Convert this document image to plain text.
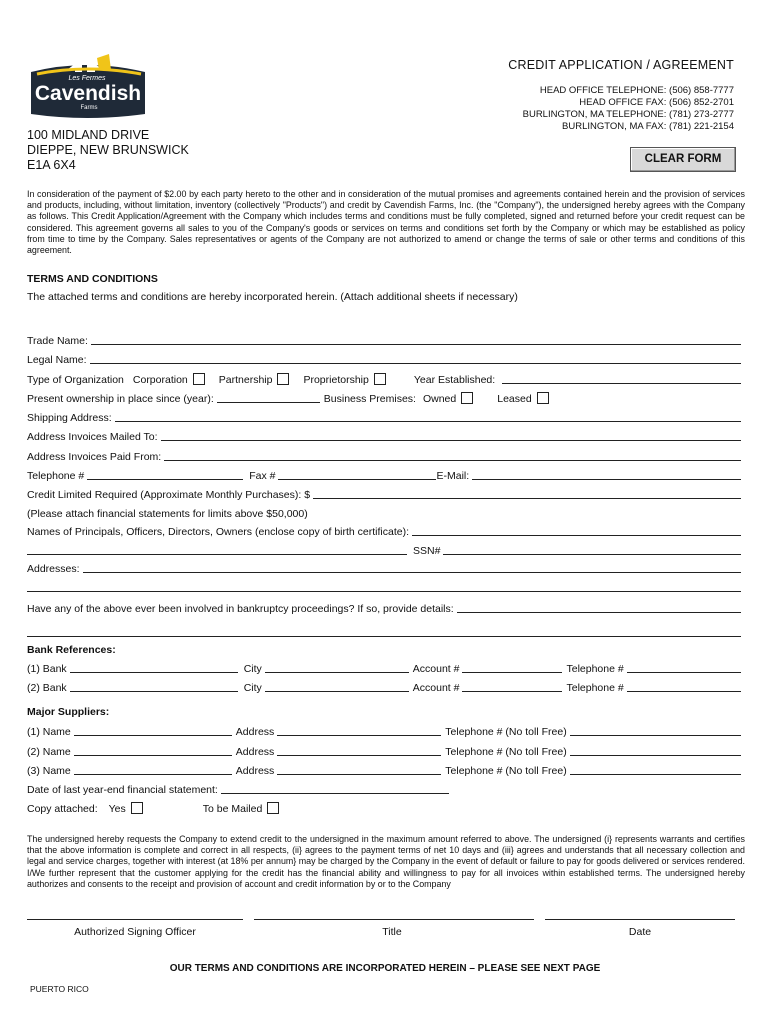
Les Fermes
Cavendish
Farms
100 MIDLAND DRIVE
DIEPPE, NEW BRUNSWICK
E1A 6X4
CREDIT APPLICATION / AGREEMENT
HEAD OFFICE TELEPHONE: (506) 858-7777
HEAD OFFICE FAX: (506) 852-2701
BURLINGTON, MA TELEPHONE: (781) 273-2777
BURLINGTON, MA FAX: (781) 221-2154
CLEAR FORM
In consideration of the payment of $2.00 by each party hereto to the other and in consideration of the mutual promises and agreements contained herein and the provision of services and products, including, without limitation, inventory (collectively "Products") and credit by Cavendish Farms, Inc. (the "Company"), the undersigned hereby agrees with the Company as follows. This Credit Application/Agreement with the Company which includes terms and conditions must be fully completed, signed and returned before your credit request can be considered. This agreement governs all sales to you of the Company's goods or services on terms and conditions set forth by the Company or which may be established as policy from time to time by the Company. Sales representatives or agents of the Company are not authorized to amend or change the terms of sale or other terms and conditions of this agreement.
TERMS AND CONDITIONS
The attached terms and conditions are hereby incorporated herein. (Attach additional sheets if necessary)
Trade Name:
Legal Name:
Type of Organization Corporation	Partnership	Proprietorship	Year Established:
Present ownership in place since (year):	Business Premises: Owned	Leased
Shipping Address:
Address Invoices Mailed To:
Address Invoices Paid From:
Telephone #	Fax #	E-Mail:
Credit Limited Required (Approximate Monthly Purchases): $
(Please attach financial statements for limits above $50,000)
Names of Principals, Officers, Directors, Owners (enclose copy of birth certificate):
SSN#
Addresses:
Have any of the above ever been involved in bankruptcy proceedings? If so, provide details:
Bank References:
(1) Bank	City	Account #	Telephone #
(2) Bank	City	Account #	Telephone #
Major Suppliers:
(1) Name	Address	Telephone # (No toll Free)
(2) Name	Address	Telephone # (No toll Free)
(3) Name	Address	Telephone # (No toll Free)
Date of last year-end financial statement:
Copy attached: Yes	To be Mailed
The undersigned hereby requests the Company to extend credit to the undersigned in the maximum amount referred to above. The undersigned (i} represents warrants and certifies that the above information is complete and correct in all respects, (ii} agrees to the payment terms of net 10 days and (iii} agrees and understands that all necessary collection and legal and service charges, together with interest (at 18% per annum} may be charged by the Company in the event of default or failure to pay for goods delivered or services rendered. I/We further represent that the customer applying for the credit has the financial ability and willingness to pay for all invoices within established terms. The undersigned hereby authorizes and consents to the receipt and provision of account and credit information by or to the Company
Authorized Signing Officer	Title	Date
OUR TERMS AND CONDITIONS ARE INCORPORATED HEREIN – PLEASE SEE NEXT PAGE
PUERTO RICO
